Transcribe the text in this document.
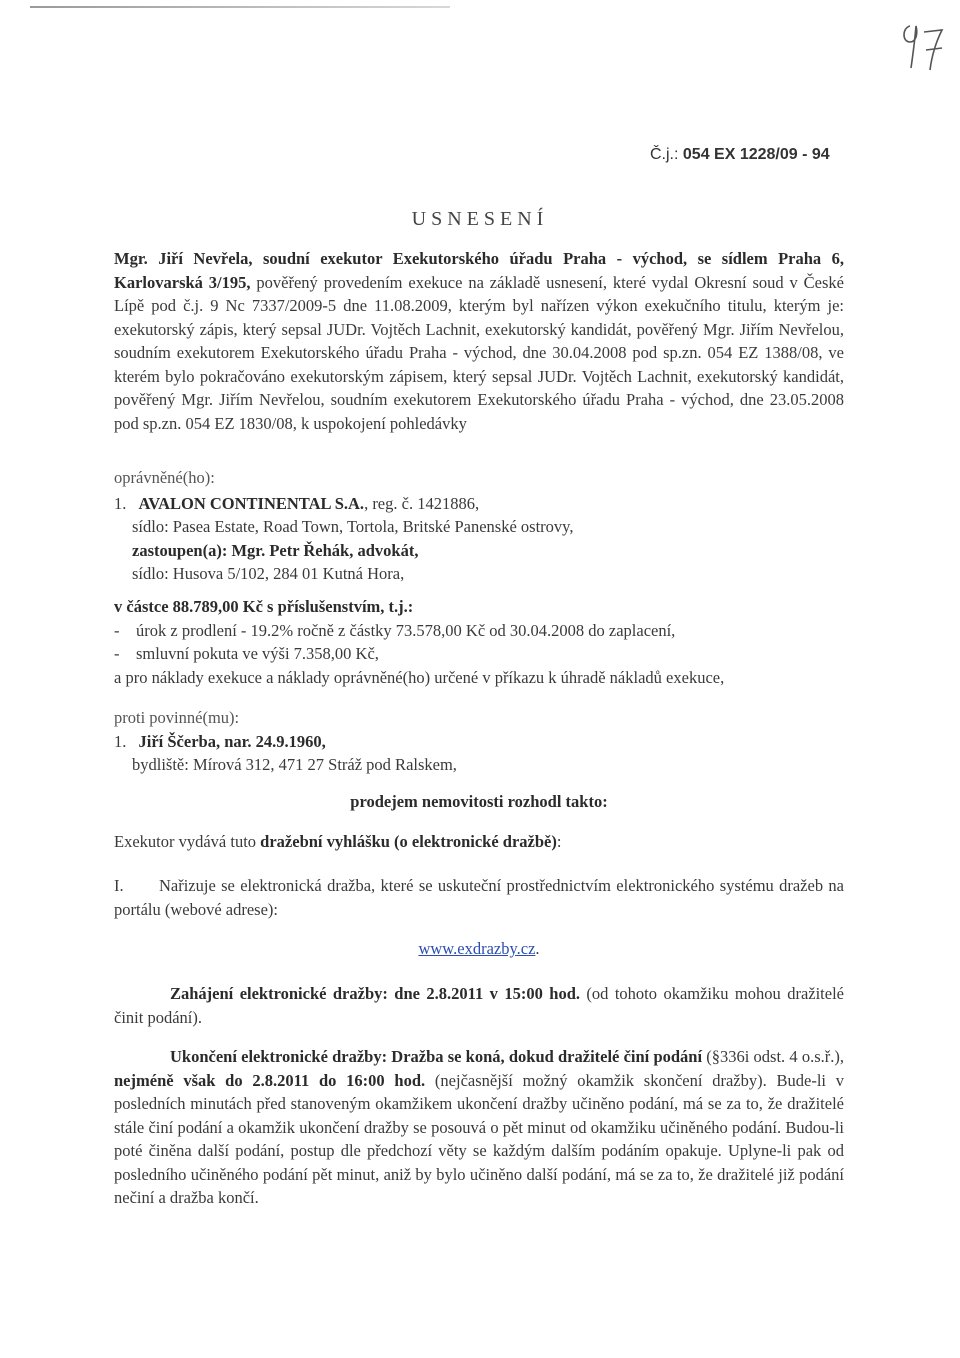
Č.j.: 054 EX 1228/09 - 94
USNESENÍ
Mgr. Jiří Nevřela, soudní exekutor Exekutorského úřadu Praha - východ, se sídlem Praha 6, Karlovarská 3/195, pověřený provedením exekuce na základě usnesení, které vydal Okresní soud v České Lípě pod č.j. 9 Nc 7337/2009-5 dne 11.08.2009, kterým byl nařízen výkon exekučního titulu, kterým je: exekutorský zápis, který sepsal JUDr. Vojtěch Lachnit, exekutorský kandidát, pověřený Mgr. Jiřím Nevřelou, soudním exekutorem Exekutorského úřadu Praha - východ, dne 30.04.2008 pod sp.zn. 054 EZ 1388/08, ve kterém bylo pokračováno exekutorským zápisem, který sepsal JUDr. Vojtěch Lachnit, exekutorský kandidát, pověřený Mgr. Jiřím Nevřelou, soudním exekutorem Exekutorského úřadu Praha - východ, dne 23.05.2008 pod sp.zn. 054 EZ 1830/08, k uspokojení pohledávky
oprávněné(ho):
1. AVALON CONTINENTAL S.A., reg. č. 1421886,
sídlo: Pasea Estate, Road Town, Tortola, Britské Panenské ostrovy,
zastoupen(a): Mgr. Petr Řehák, advokát,
sídlo: Husova 5/102, 284 01 Kutná Hora,
v částce 88.789,00 Kč s příslušenstvím, t.j.:
- úrok z prodlení - 19.2% ročně z částky 73.578,00 Kč od 30.04.2008 do zaplacení,
- smluvní pokuta ve výši 7.358,00 Kč,
a pro náklady exekuce a náklady oprávněné(ho) určené v příkazu k úhradě nákladů exekuce,
proti povinné(mu):
1. Jiří Ščerba, nar. 24.9.1960,
bydliště: Mírová 312, 471 27 Stráž pod Ralskem,
prodejem nemovitosti rozhodl takto:
Exekutor vydává tuto dražební vyhlášku (o elektronické dražbě):
I. Nařizuje se elektronická dražba, které se uskuteční prostřednictvím elektronického systému dražeb na portálu (webové adrese):
www.exdrazby.cz.
Zahájení elektronické dražby: dne 2.8.2011 v 15:00 hod. (od tohoto okamžiku mohou dražitelé činit podání).
Ukončení elektronické dražby: Dražba se koná, dokud dražitelé činí podání (§336i odst. 4 o.s.ř.), nejméně však do 2.8.2011 do 16:00 hod. (nejčasnější možný okamžik skončení dražby). Bude-li v posledních minutách před stanoveným okamžikem ukončení dražby učiněno podání, má se za to, že dražitelé stále činí podání a okamžik ukončení dražby se posouvá o pět minut od okamžiku učiněného podání. Budou-li poté činěna další podání, postup dle předchozí věty se každým dalším podáním opakuje. Uplyne-li pak od posledního učiněného podání pět minut, aniž by bylo učiněno další podání, má se za to, že dražitelé již podání nečiní a dražba končí.
